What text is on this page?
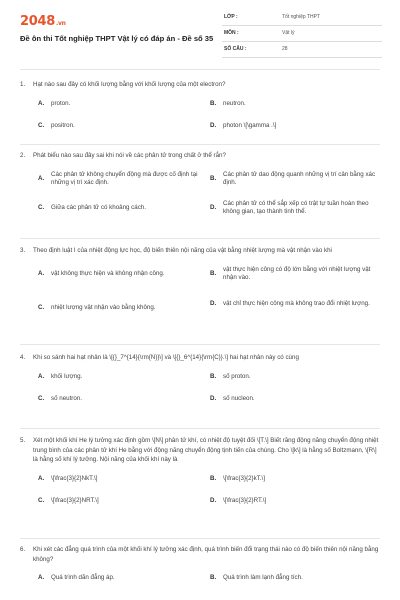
2048.vn
Đề ôn thi Tốt nghiệp THPT Vật lý có đáp án - Đề số 35
LỚP :	Tốt nghiệp THPT
MÔN :	Vật lý
SỐ CÂU :	28
1.	Hạt nào sau đây có khối lượng bằng với khối lượng của một electron?
A.	proton.	B.	neutron.
C.	positron.	D.	photon \[\gamma .\]
2.	Phát biểu nào sau đây sai khi nói về các phân tử trong chất ở thể rắn?
A.
Các phân tử không chuyển động mà được cố định tại những vị trí xác định.
B.
Các phân tử dao động quanh những vị trí cân bằng xác định.
C.	Giữa các phân tử có khoảng cách.	D.
Các phân tử có thể sắp xếp có trật tự tuần hoàn theo không gian, tạo thành tinh thể.
3.	Theo định luật I của nhiệt động lực học, độ biến thiên nội năng của vật bằng nhiệt lượng mà vật nhận vào khi
A.	vật không thực hiện và không nhận công.	B.
vật thực hiện công có độ lớn bằng với nhiệt lượng vật nhận vào.
C.	nhiệt lượng vật nhận vào bằng không.
D.	vật chỉ thực hiện công mà không trao đổi nhiệt lượng.
4.	Khi so sánh hai hạt nhân là \[{}_7^{14}{\rm{N}}\] và \[{}_6^{14}{\rm{C}}.\] hai hạt nhân này có cùng
A.	khối lượng.	B.	số proton.
C.	số neutron.	D.	số nucleon.
5.	Xét một khối khí He lý tưởng xác định gồm \[N\] phân tử khí, có nhiệt độ tuyệt đối \[T.\] Biết răng động năng chuyển động nhiệt trung bình của các phân tử khí He bằng với động năng chuyển động tịnh tiến của chúng. Cho \[k\] là hằng số Boltzmann, \[R\] là hằng số khí lý tưởng. Nội năng của khối khí này là
A.	\[\frac{3}{2}NkT.\]	B.	\[\frac{3}{2}kT.\]
C.	\[\frac{3}{2}NRT.\]	D.	\[\frac{3}{2}RT.\]
6.	Khi xét các đẳng quá trình của một khối khí lý tưởng xác định, quá trình biến đổi trạng thái nào có độ biến thiên nội năng bằng không?
A.	Quá trình dãn đẳng áp.	B.	Quá trình làm lạnh đẳng tích.
